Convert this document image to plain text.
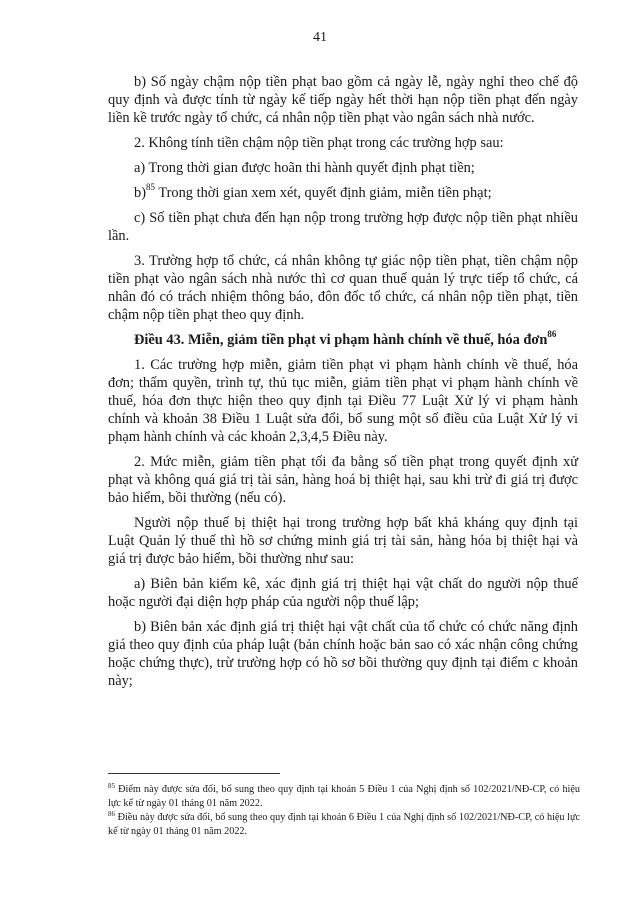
41

b) Số ngày chậm nộp tiền phạt bao gồm cả ngày lễ, ngày nghỉ theo chế độ quy định và được tính từ ngày kế tiếp ngày hết thời hạn nộp tiền phạt đến ngày liền kề trước ngày tổ chức, cá nhân nộp tiền phạt vào ngân sách nhà nước.

2. Không tính tiền chậm nộp tiền phạt trong các trường hợp sau:

a) Trong thời gian được hoãn thi hành quyết định phạt tiền;

b)$^{85}$ Trong thời gian xem xét, quyết định giảm, miễn tiền phạt;

c) Số tiền phạt chưa đến hạn nộp trong trường hợp được nộp tiền phạt nhiều lần.

3. Trường hợp tổ chức, cá nhân không tự giác nộp tiền phạt, tiền chậm nộp tiền phạt vào ngân sách nhà nước thì cơ quan thuế quản lý trực tiếp tổ chức, cá nhân đó có trách nhiệm thông báo, đôn đốc tổ chức, cá nhân nộp tiền phạt, tiền chậm nộp tiền phạt theo quy định.

Điều 43. Miễn, giảm tiền phạt vi phạm hành chính về thuế, hóa đơn$^{86}$

1. Các trường hợp miễn, giảm tiền phạt vi phạm hành chính về thuế, hóa đơn; thẩm quyền, trình tự, thủ tục miễn, giảm tiền phạt vi phạm hành chính về thuế, hóa đơn thực hiện theo quy định tại Điều 77 Luật Xử lý vi phạm hành chính và khoản 38 Điều 1 Luật sửa đổi, bổ sung một số điều của Luật Xử lý vi phạm hành chính và các khoản 2,3,4,5 Điều này.

2. Mức miễn, giảm tiền phạt tối đa bằng số tiền phạt trong quyết định xử phạt và không quá giá trị tài sản, hàng hoá bị thiệt hại, sau khi trừ đi giá trị được bảo hiểm, bồi thường (nếu có).

Người nộp thuế bị thiệt hại trong trường hợp bất khả kháng quy định tại Luật Quản lý thuế thì hồ sơ chứng minh giá trị tài sản, hàng hóa bị thiệt hại và giá trị được bảo hiểm, bồi thường như sau:

a) Biên bản kiểm kê, xác định giá trị thiệt hại vật chất do người nộp thuế hoặc người đại diện hợp pháp của người nộp thuế lập;

b) Biên bản xác định giá trị thiệt hại vật chất của tổ chức có chức năng định giá theo quy định của pháp luật (bản chính hoặc bản sao có xác nhận công chứng hoặc chứng thực), trừ trường hợp có hồ sơ bồi thường quy định tại điểm c khoản này;

$^{85}$ Điểm này được sửa đổi, bổ sung theo quy định tại khoản 5 Điều 1 của Nghị định số 102/2021/NĐ-CP, có hiệu lực kể từ ngày 01 tháng 01 năm 2022.

$^{86}$ Điều này được sửa đổi, bổ sung theo quy định tại khoản 6 Điều 1 của Nghị định số 102/2021/NĐ-CP, có hiệu lực kể từ ngày 01 tháng 01 năm 2022.
